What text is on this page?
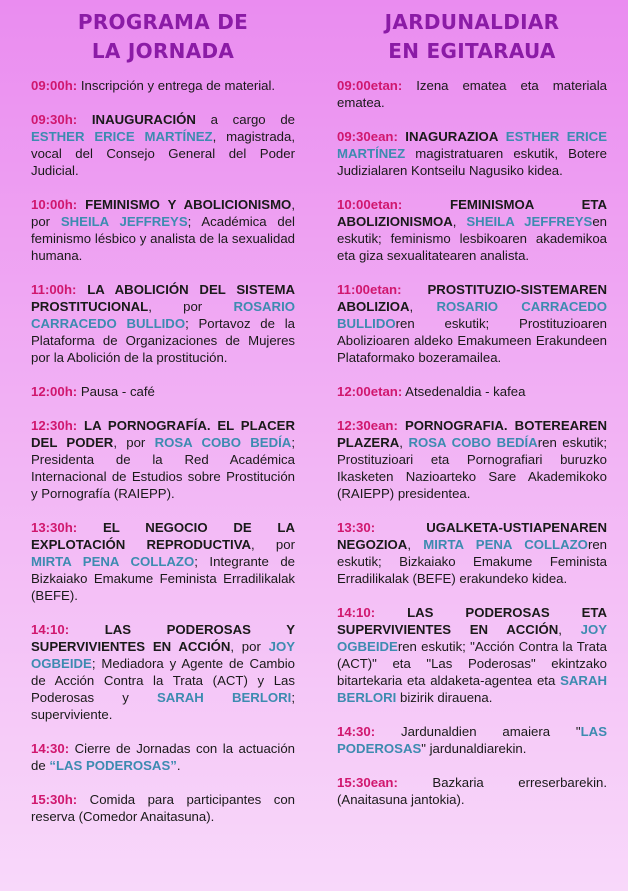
PROGRAMA DE
LA JORNADA
09:00h: Inscripción y entrega de material.
09:30h: INAUGURACIÓN a cargo de ESTHER ERICE MARTÍNEZ, magistrada, vocal del Consejo General del Poder Judicial.
10:00h: FEMINISMO Y ABOLICIONISMO, por SHEILA JEFFREYS; Académica del feminismo lésbico y analista de la sexualidad humana.
11:00h: LA ABOLICIÓN DEL SISTEMA PROSTITUCIONAL, por ROSARIO CARRACEDO BULLIDO; Portavoz de la Plataforma de Organizaciones de Mujeres por la Abolición de la prostitución.
12:00h: Pausa - café
12:30h: LA PORNOGRAFÍA. EL PLACER DEL PODER, por ROSA COBO BEDÍA; Presidenta de la Red Académica Internacional de Estudios sobre Prostitución y Pornografía (RAIEPP).
13:30h: EL NEGOCIO DE LA EXPLOTACIÓN REPRODUCTIVA, por MIRTA PENA COLLAZO; Integrante de Bizkaiako Emakume Feminista Erradilikalak (BEFE).
14:10:	LAS PODEROSAS Y SUPERVIVIENTES EN ACCIÓN, por JOY OGBEIDE; Mediadora y Agente de Cambio de Acción Contra la Trata (ACT) y Las Poderosas y SARAH BERLORI; superviviente.
14:30: Cierre de Jornadas con la actuación de “LAS PODEROSAS”.
15:30h: Comida para participantes con reserva (Comedor Anaitasuna).
JARDUNALDIAR
EN EGITARAUA
09:00etan: Izena ematea eta materiala ematea.
09:30ean: INAGURAZIOA ESTHER ERICE MARTÍNEZ magistratuaren eskutik, Botere Judizialaren Kontseilu Nagusiko kidea.
10:00etan:	FEMINISMOA ETA ABOLIZIONISMOA, SHEILA JEFFREYSen eskutik; feminismo lesbikoaren akademikoa eta giza sexualitatearen analista.
11:00etan: PROSTITUZIO-SISTEMAREN ABOLIZIOA, ROSARIO CARRACEDO BULLIDOren eskutik; Prostituzioaren Abolizioaren aldeko Emakumeen Erakundeen Plataformako bozeramailea.
12:00etan: Atsedenaldia - kafea
12:30ean: PORNOGRAFIA. BOTEREAREN PLAZERA, ROSA COBO BEDÍAren eskutik; Prostituzioari eta Pornografiari buruzko Ikasketen Nazioarteko Sare Akademikoko (RAIEPP) presidentea.
13:30:	UGALKETA-USTIAPENAREN NEGOZIOA, MIRTA PENA COLLAZOren eskutik; Bizkaiako Emakume Feminista Erradilikalak (BEFE) erakundeko kidea.
14:10: LAS PODEROSAS ETA SUPERVIVIENTES EN ACCIÓN, JOY OGBEIDEren eskutik; "Acción Contra la Trata (ACT)" eta "Las Poderosas" ekintzako bitartekaria eta aldaketa-agentea eta SARAH BERLORI bizirik dirauena.
14:30: Jardunaldien amaiera "LAS PODEROSAS" jardunaldiarekin.
15:30ean: Bazkaria erreserbarekin. (Anaitasuna jantokia).
